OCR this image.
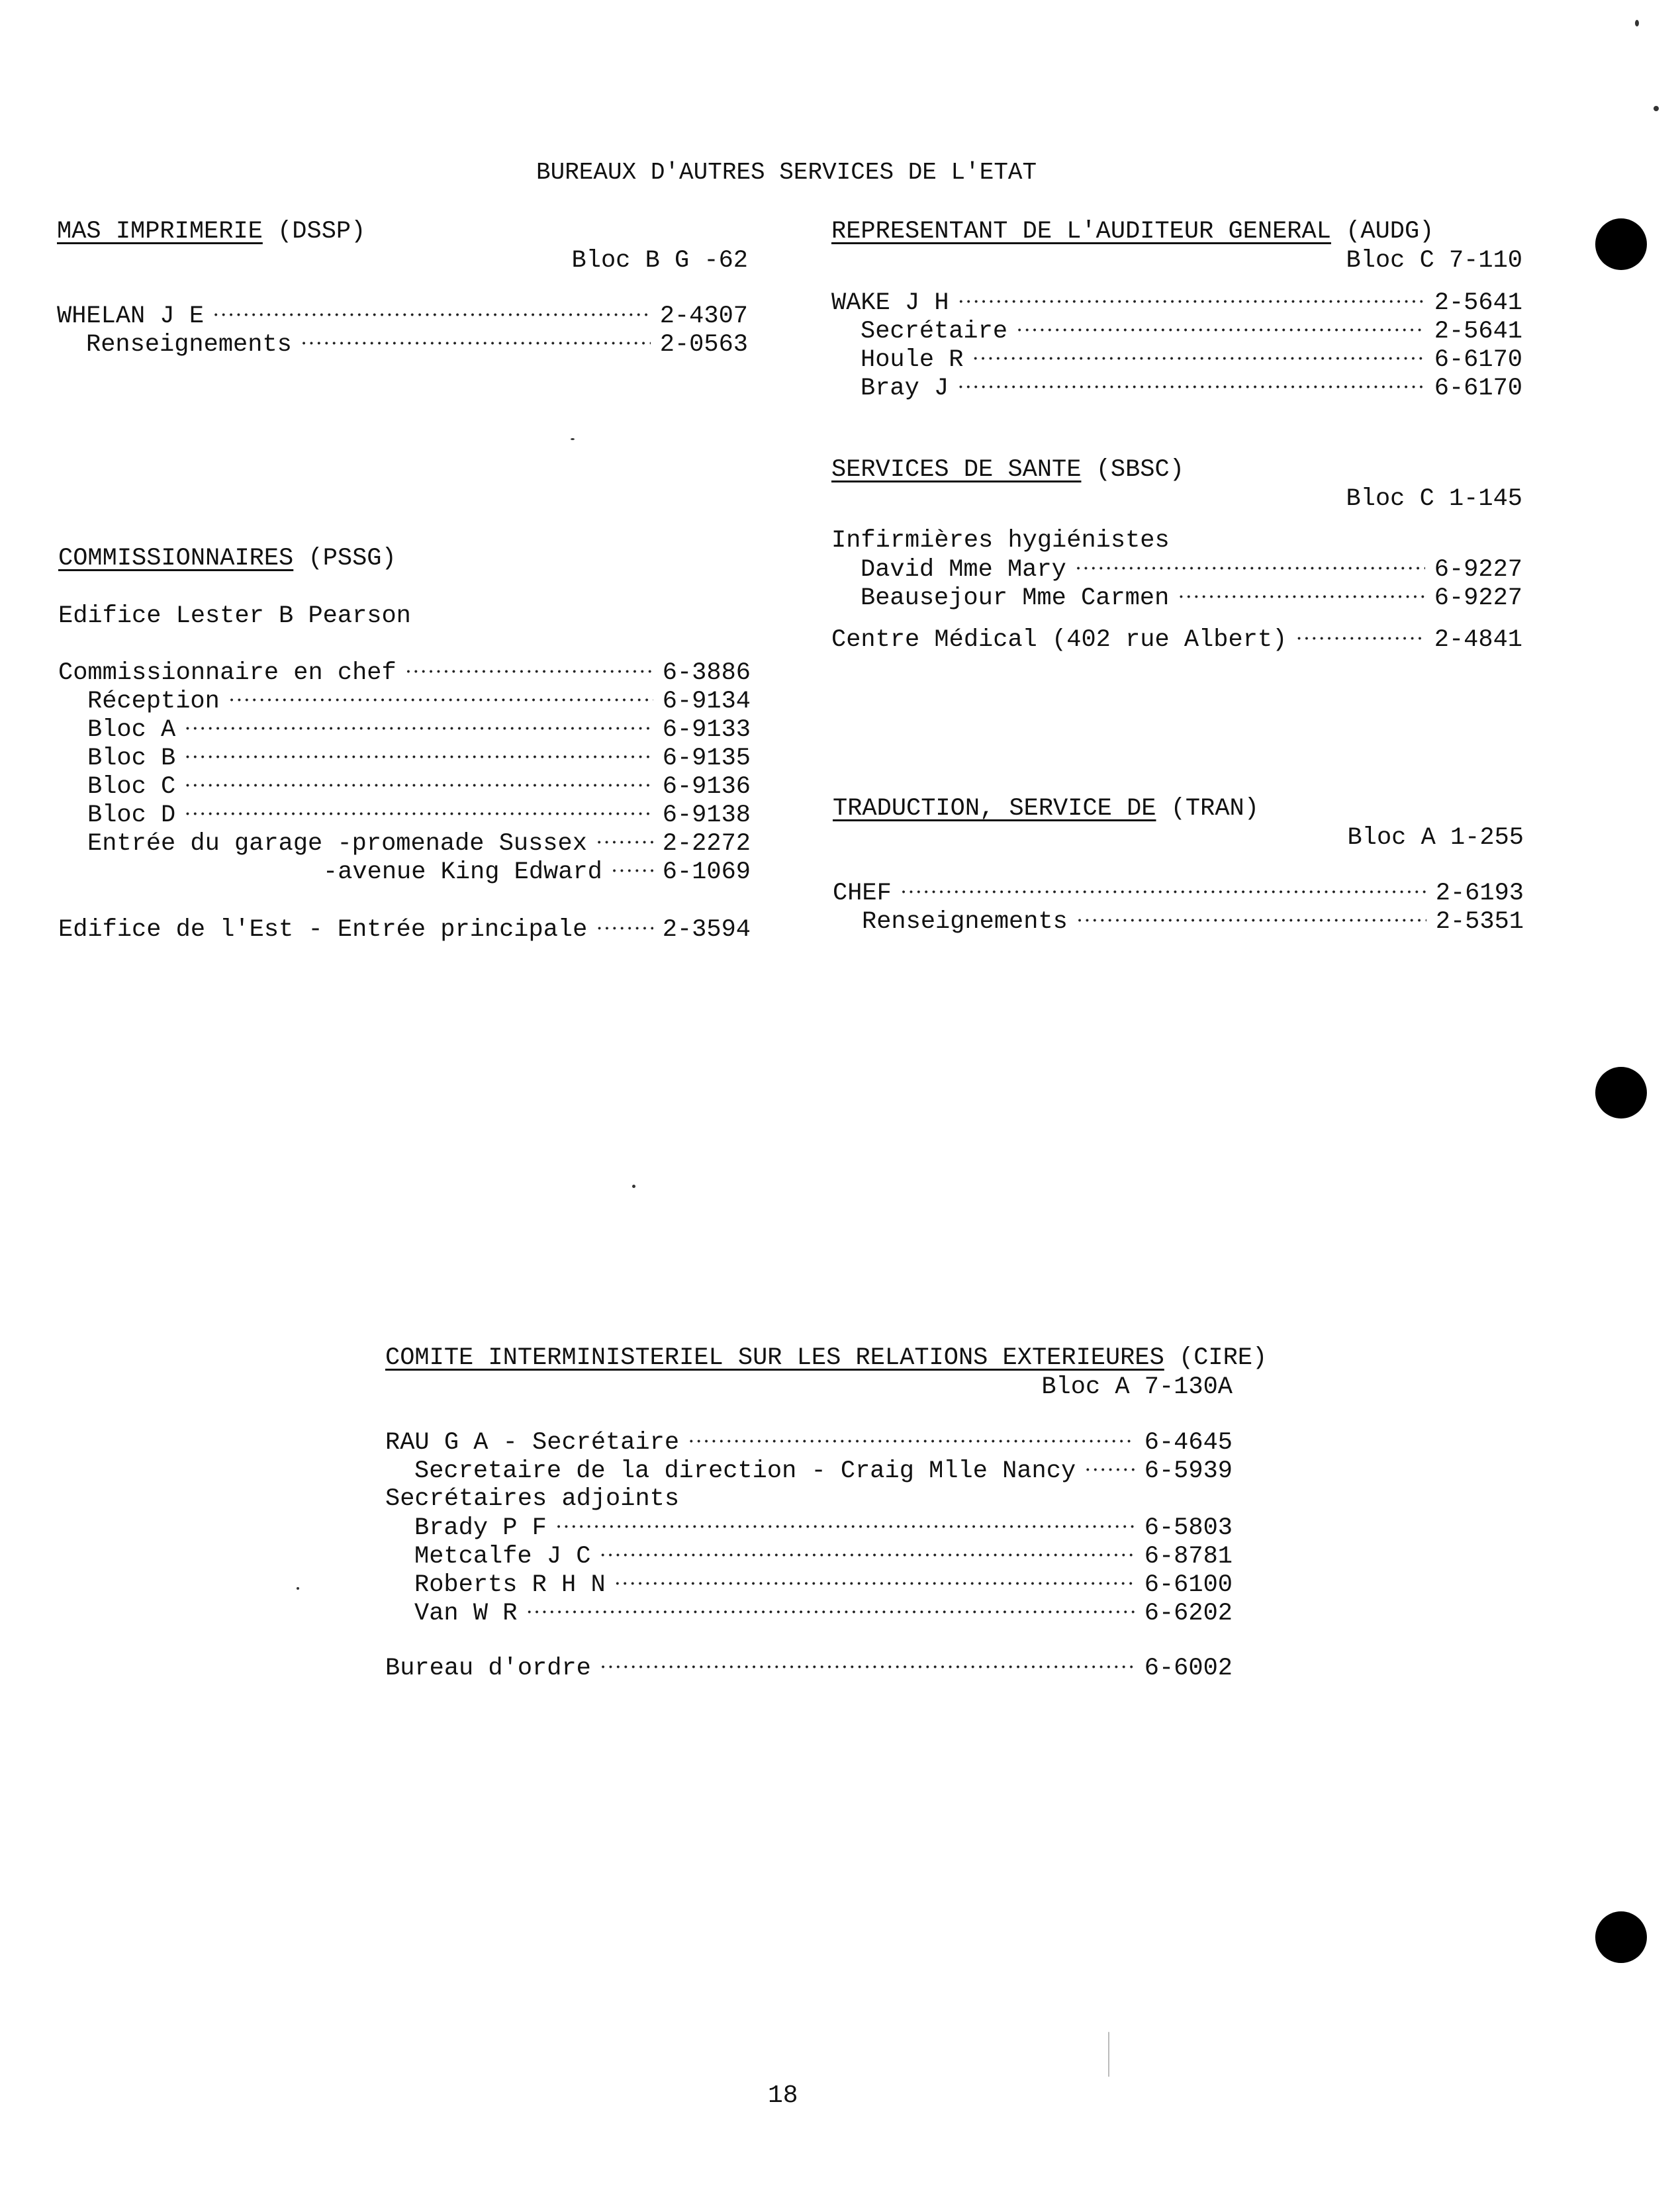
BUREAUX D'AUTRES SERVICES DE L'ETAT
MAS IMPRIMERIE (DSSP)
Bloc B G -62
WHELAN J E •••••	2-4307
Renseignements •••••	2-0563
REPRESENTANT DE L'AUDITEUR GENERAL (AUDG)
Bloc C 7-110
WAKE J H •••••	2-5641
Secrétaire •••••	2-5641
Houle R •••••	6-6170
Bray J •••••	6-6170
SERVICES DE SANTE (SBSC)
Bloc C 1-145
Infirmières hygiénistes
David Mme Mary •••••	6-9227
Beausejour Mme Carmen •••••	6-9227
Centre Médical (402 rue Albert) •••••	2-4841
COMMISSIONNAIRES (PSSG)
Edifice Lester B Pearson
Commissionnaire en chef •••••	6-3886
Réception •••••	6-9134
Bloc A •••••	6-9133
Bloc B •••••	6-9135
Bloc C •••••	6-9136
Bloc D •••••	6-9138
Entrée du garage -promenade Sussex •••••	2-2272
-avenue King Edward •••••	6-1069
Edifice de l'Est - Entrée principale •••••	2-3594
TRADUCTION, SERVICE DE (TRAN)
Bloc A 1-255
CHEF •••••	2-6193
Renseignements •••••	2-5351
COMITE INTERMINISTERIEL SUR LES RELATIONS EXTERIEURES (CIRE)
Bloc A 7-130A
RAU G A - Secrétaire •••••	6-4645
Secretaire de la direction - Craig Mlle Nancy •••••	6-5939
Secrétaires adjoints
Brady P F •••••	6-5803
Metcalfe J C •••••	6-8781
Roberts R H N •••••	6-6100
Van W R •••••	6-6202
Bureau d'ordre •••••	6-6002
18
